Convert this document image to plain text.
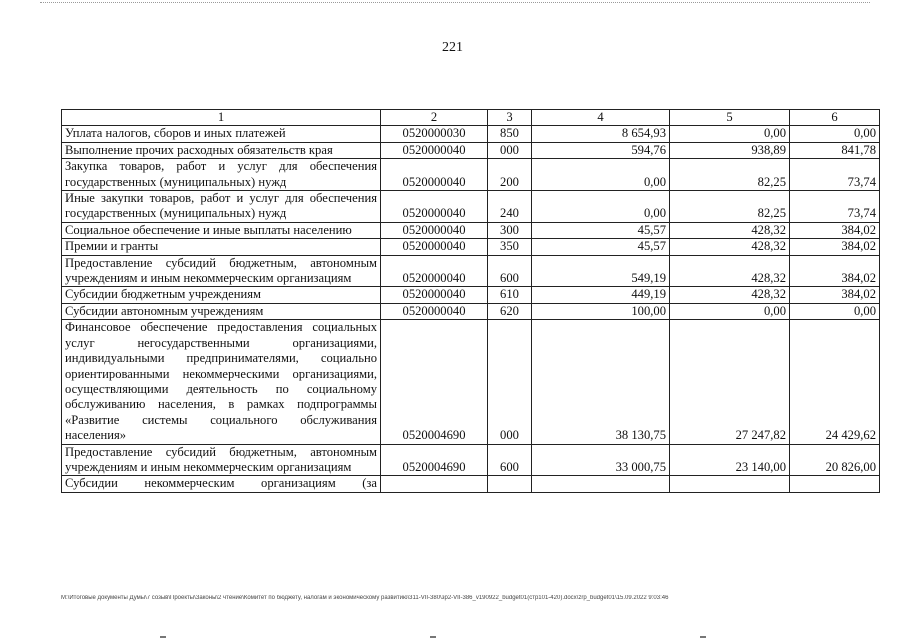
221
1	2	3	4	5	6
Уплата налогов, сборов и иных платежей	0520000030	850	8 654,93	0,00	0,00
Выполнение прочих расходных обязательств края	0520000040	000	594,76	938,89	841,78
Закупка товаров, работ и услуг для обеспечения государственных (муниципальных) нужд	0520000040	200	0,00	82,25	73,74
Иные закупки товаров, работ и услуг для обеспечения государственных (муниципальных) нужд	0520000040	240	0,00	82,25	73,74
Социальное обеспечение и иные выплаты населению	0520000040	300	45,57	428,32	384,02
Премии и гранты	0520000040	350	45,57	428,32	384,02
Предоставление субсидий бюджетным, автономным учреждениям и иным некоммерческим организациям	0520000040	600	549,19	428,32	384,02
Субсидии бюджетным учреждениям	0520000040	610	449,19	428,32	384,02
Субсидии автономным учреждениям	0520000040	620	100,00	0,00	0,00
Финансовое обеспечение предоставления социальных услуг негосударственными организациями, индивидуальными предпринимателями, социально ориентированными некоммерческими организациями, осуществляющими деятельность по социальному обслуживанию населения, в рамках подпрограммы «Развитие системы социального обслуживания населения»	0520004690	000	38 130,75	27 247,82	24 429,62
Предоставление субсидий бюджетным, автономным учреждениям и иным некоммерческим организациям	0520004690	600	33 000,75	23 140,00	20 826,00
Субсидии некоммерческим организациям (за					
М:\Итоговые документы Думы\7 созыв\Проекты\Законы\2 чтение\Комитет по бюджету, налогам и экономическому развитию\311-VII-380\зр2-VII-386_v190922_budget01(стр101-420).docx\zrp_budget01\15.09.2022 9:03:46
